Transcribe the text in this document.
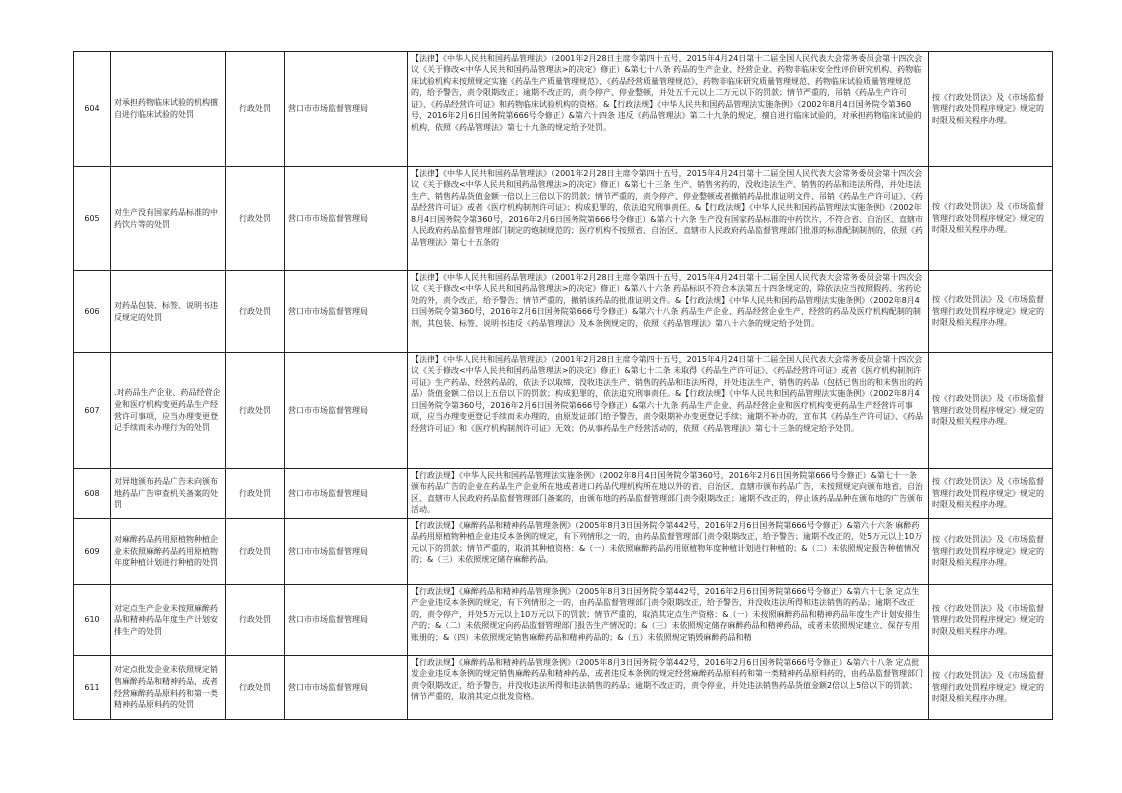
604	对承担药物临床试验的机构擅自进行临床试验的处罚	行政处罚	营口市市场监督管理局	【法律】《中华人民共和国药品管理法》（2001年2月28日主席令第四十五号，2015年4月24日第十二届全国人民代表大会常务委员会第十四次会议《关于修改<中华人民共和国药品管理法>的决定》修正）&第七十八条 药品的生产企业、经营企业、药物非临床安全性评价研究机构、药物临床试验机构未按照规定实施《药品生产质量管理规范》、《药品经营质量管理规范》、药物非临床研究质量管理规范、药物临床试验质量管理规范的，给予警告，责令限期改正；逾期不改正的，责令停产、停业整顿，并处五千元以上二万元以下的罚款；情节严重的，吊销《药品生产许可证》、《药品经营许可证》和药物临床试验机构的资格。&【行政法规】《中华人民共和国药品管理法实施条例》（2002年8月4日国务院令第360号，2016年2月6日国务院第666号令修正）&第六十四条 违反《药品管理法》第二十九条的规定，擅自进行临床试验的，对承担药物临床试验的机构，依照《药品管理法》第七十九条的规定给予处罚。	按《行政处罚法》及《市场监督管理行政处罚程序规定》规定的时限及相关程序办理。
605	对生产没有国家药品标准的中药饮片等的处罚	行政处罚	营口市市场监督管理局	【法律】《中华人民共和国药品管理法》（2001年2月28日主席令第四十五号，2015年4月24日第十二届全国人民代表大会常务委员会第十四次会议《关于修改<中华人民共和国药品管理法>的决定》修正）&第七十三条 生产、销售劣药的，没收违法生产、销售的药品和违法所得，并处违法生产、销售药品货值金额一倍以上三倍以下的罚款；情节严重的，责令停产、停业整顿或者撤销药品批准证明文件、吊销《药品生产许可证》、《药品经营许可证》或者《医疗机构制剂许可证》；构成犯罪的，依法追究刑事责任。&【行政法规】《中华人民共和国药品管理法实施条例》（2002年8月4日国务院令第360号，2016年2月6日国务院第666号令修正）&第六十六条 生产没有国家药品标准的中药饮片，不符合省、自治区、直辖市人民政府药品监督管理部门制定的炮制规范的；医疗机构不按照省、自治区、直辖市人民政府药品监督管理部门批准的标准配制制剂的，依照《药品管理法》第七十五条的	按《行政处罚法》及《市场监督管理行政处罚程序规定》规定的时限及相关程序办理。
606	对药品包装、标签、说明书违反规定的处罚	行政处罚	营口市市场监督管理局	【法律】《中华人民共和国药品管理法》（2001年2月28日主席令第四十五号，2015年4月24日第十二届全国人民代表大会常务委员会第十四次会议《关于修改<中华人民共和国药品管理法>的决定》修正）&第八十六条 药品标识不符合本法第五十四条规定的，除依法应当按照假药、劣药论处的外，责令改正，给予警告；情节严重的，撤销该药品的批准证明文件。&【行政法规】《中华人民共和国药品管理法实施条例》（2002年8月4日国务院令第360号，2016年2月6日国务院第666号令修正）&第六十八条 药品生产企业、药品经营企业生产、经营的药品及医疗机构配制的制剂，其包装、标签、说明书违反《药品管理法》及本条例规定的，依照《药品管理法》第八十六条的规定给予处罚。	按《行政处罚法》及《市场监督管理行政处罚程序规定》规定的时限及相关程序办理。
607	.对药品生产企业、药品经营企业和医疗机构变更药品生产经营许可事项，应当办理变更登记手续而未办理行为的处罚	行政处罚	营口市市场监督管理局	【法律】《中华人民共和国药品管理法》（2001年2月28日主席令第四十五号，2015年4月24日第十二届全国人民代表大会常务委员会第十四次会议《关于修改<中华人民共和国药品管理法>的决定》修正）&第七十二条 未取得《药品生产许可证》、《药品经营许可证》或者《医疗机构制剂许可证》生产药品、经营药品的，依法予以取缔，没收违法生产、销售的药品和违法所得，并处违法生产、销售的药品（包括已售出的和未售出的药品）货值金额二倍以上五倍以下的罚款；构成犯罪的，依法追究刑事责任。&【行政法规】《中华人民共和国药品管理法实施条例》（2002年8月4日国务院令第360号，2016年2月6日国务院第666号令修正）&第六十九条 药品生产企业、药品经营企业和医疗机构变更药品生产经营许可事项，应当办理变更登记手续而未办理的，由原发证部门给予警告，责令限期补办变更登记手续；逾期不补办的，宣布其《药品生产许可证》、《药品经营许可证》和《医疗机构制剂许可证》无效；仍从事药品生产经营活动的，依照《药品管理法》第七十三条的规定给予处罚。	按《行政处罚法》及《市场监督管理行政处罚程序规定》规定的时限及相关程序办理。
608	对异地颁布药品广告未向颁布地药品广告审查机关备案的处罚	行政处罚	营口市市场监督管理局	【行政法规】《中华人民共和国药品管理法实施条例》（2002年8月4日国务院令第360号，2016年2月6日国务院第666号令修正）&第七十一条 颁布药品广告的企业在药品生产企业所在地或者进口药品代理机构所在地以外的省、自治区、直辖市颁布药品广告，未按照规定向颁布地省、自治区、直辖市人民政府药品监督管理部门备案的，由颁布地的药品监督管理部门责令限期改正；逾期不改正的，停止该药品品种在颁布地的广告颁布活动。	按《行政处罚法》及《市场监督管理行政处罚程序规定》规定的时限及相关程序办理。
609	对麻醉药品药用原植物种植企业未依照麻醉药品药用原植物年度种植计划进行种植的处罚	行政处罚	营口市市场监督管理局	【行政法规】《麻醉药品和精神药品管理条例》（2005年8月3日国务院令第442号，2016年2月6日国务院第666号令修正）&第六十六条 麻醉药品药用原植物种植企业违反本条例的规定，有下列情形之一的，由药品监督管理部门责令限期改正，给予警告；逾期不改正的，处5万元以上10万元以下的罚款；情节严重的，取消其种植资格：&（一）未依照麻醉药品药用原植物年度种植计划进行种植的；&（二）未依照规定报告种植情况的；&（三）未依照规定储存麻醉药品。	按《行政处罚法》及《市场监督管理行政处罚程序规定》规定的时限及相关程序办理。
610	对定点生产企业未按照麻醉药品和精神药品年度生产计划安排生产的处罚	行政处罚	营口市市场监督管理局	【行政法规】《麻醉药品和精神药品管理条例》（2005年8月3日国务院令第442号，2016年2月6日国务院第666号令修正）&第六十七条 定点生产企业违反本条例的规定，有下列情形之一的，由药品监督管理部门责令限期改正，给予警告，并没收违法所得和违法销售的药品；逾期不改正的，责令停产，并处5万元以上10万元以下的罚款；情节严重的，取消其定点生产资格：&（一）未按照麻醉药品和精神药品年度生产计划安排生产的；&（二）未依照规定向药品监督管理部门报告生产情况的；&（三）未依照规定储存麻醉药品和精神药品，或者未依照规定建立、保存专用账册的；&（四）未依照规定销售麻醉药品和精神药品的；&（五）未依照规定销毁麻醉药品和精	按《行政处罚法》及《市场监督管理行政处罚程序规定》规定的时限及相关程序办理。
611	对定点批发企业未依照规定销售麻醉药品和精神药品，或者经营麻醉药品原料药和第一类精神药品原料药的处罚	行政处罚	营口市市场监督管理局	【行政法规】《麻醉药品和精神药品管理条例》（2005年8月3日国务院令第442号，2016年2月6日国务院第666号令修正）&第六十八条 定点批发企业违反本条例的规定销售麻醉药品和精神药品，或者违反本条例的规定经营麻醉药品原料药和第一类精神药品原料药的，由药品监督管理部门责令限期改正，给予警告，并没收违法所得和违法销售的药品；逾期不改正的，责令停业，并处违法销售药品货值金额2倍以上5倍以下的罚款；情节严重的，取消其定点批发资格。	按《行政处罚法》及《市场监督管理行政处罚程序规定》规定的时限及相关程序办理。
